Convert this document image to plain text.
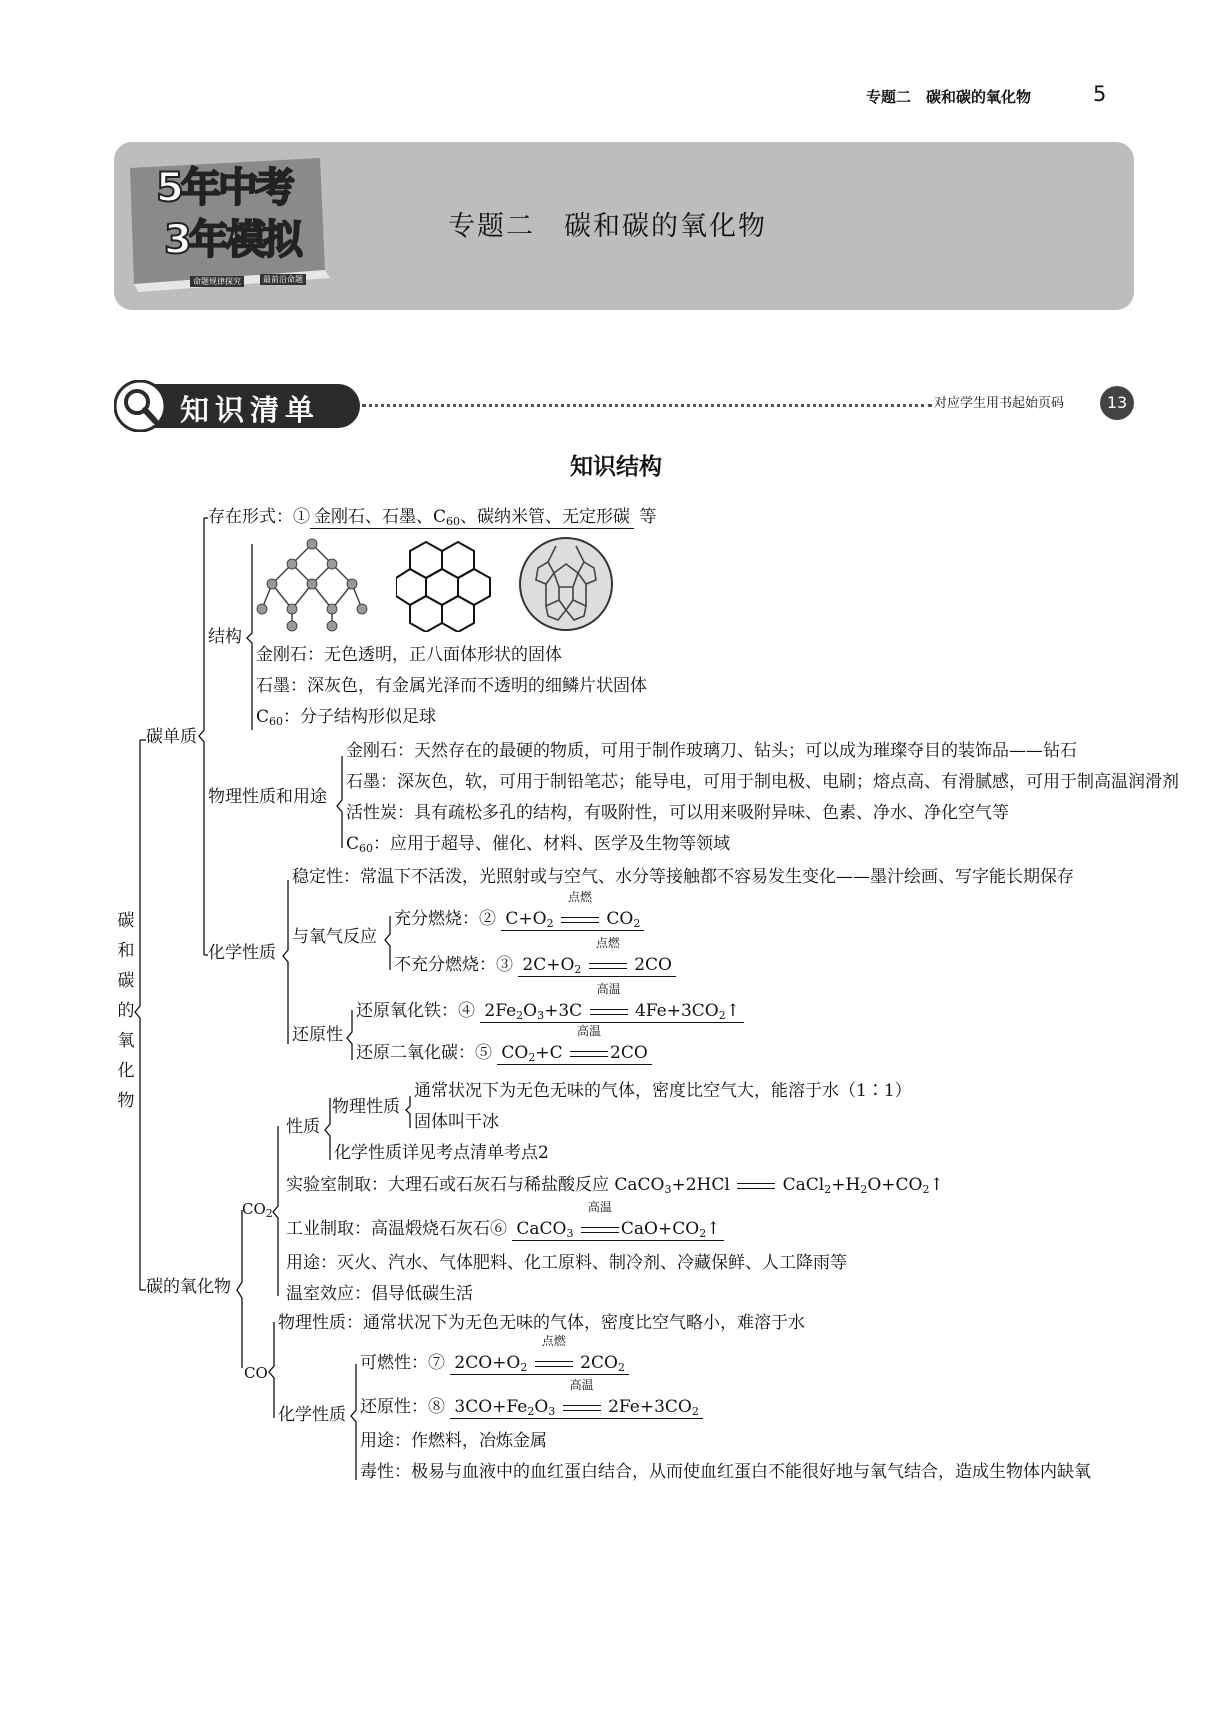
专题二　碳和碳的氧化物	5
5年中考
3年模拟
命题规律探究	最前沿命题
专题二　碳和碳的氧化物
知识清单	对应学生用书起始页码	13
知识结构
碳和碳的氧化物
碳单质
存在形式：① 金刚石、石墨、$C_{60}$、碳纳米管、无定形碳 等
结构
金刚石：无色透明，正八面体形状的固体
石墨：深灰色，有金属光泽而不透明的细鳞片状固体
$C_{60}$：分子结构形似足球
物理性质和用途
金刚石：天然存在的最硬的物质，可用于制作玻璃刀、钻头；可以成为璀璨夺目的装饰品——钻石
石墨：深灰色，软，可用于制铅笔芯；能导电，可用于制电极、电刷；熔点高、有滑腻感，可用于制高温润滑剂
活性炭：具有疏松多孔的结构，有吸附性，可以用来吸附异味、色素、净水、净化空气等
$C_{60}$：应用于超导、催化、材料、医学及生物等领域
化学性质
稳定性：常温下不活泼，光照射或与空气、水分等接触都不容易发生变化——墨汁绘画、写字能长期保存
与氧气反应
充分燃烧：② $C+O_2$
点燃
$CO_2$
不充分燃烧：③ $2C+O_2$
点燃
2CO
还原性
还原氧化铁：④ $2Fe_2O_3+3C$
高温
$4Fe+3CO_2↑$
还原二氧化碳：⑤ $CO_2+C$
高温
2CO
碳的氧化物
$CO_2$
性质
物理性质
通常状况下为无色无味的气体，密度比空气大，能溶于水（1∶1）
固体叫干冰
化学性质详见考点清单考点2
实验室制取：大理石或石灰石与稀盐酸反应 CaCO$_3$+2HCl  $CaCl_2+H_2O+CO_2↑$
工业制取：高温煅烧石灰石⑥ CaCO$_3$
高温
$CaO+CO_2↑$
用途：灭火、汽水、气体肥料、化工原料、制冷剂、冷藏保鲜、人工降雨等
温室效应：倡导低碳生活
CO
物理性质：通常状况下为无色无味的气体，密度比空气略小，难溶于水
化学性质
可燃性：⑦ $2CO+O_2$
点燃
$2CO_2$
还原性：⑧ $3CO+Fe_2O_3$
高温
$2Fe+3CO_2$
用途：作燃料，冶炼金属
毒性：极易与血液中的血红蛋白结合，从而使血红蛋白不能很好地与氧气结合，造成生物体内缺氧
